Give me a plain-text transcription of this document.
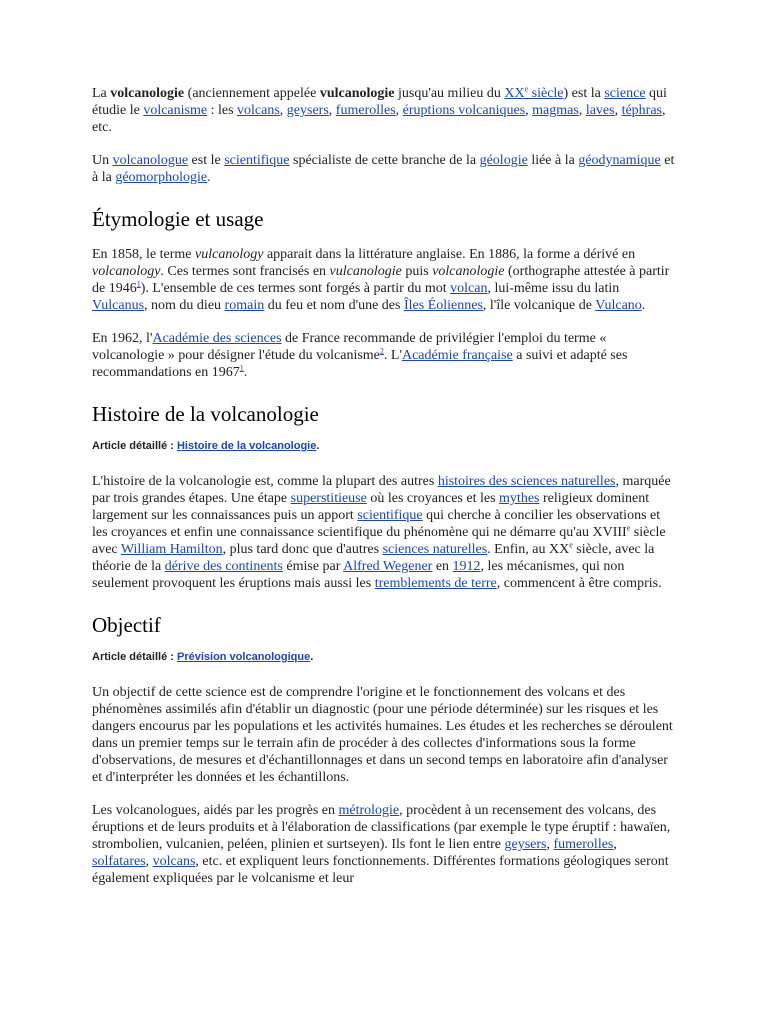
La volcanologie (anciennement appelée vulcanologie jusqu'au milieu du XXe siècle) est la science qui étudie le volcanisme : les volcans, geysers, fumerolles, éruptions volcaniques, magmas, laves, téphras, etc.

Un volcanologue est le scientifique spécialiste de cette branche de la géologie liée à la géodynamique et à la géomorphologie.

Étymologie et usage

En 1858, le terme vulcanology apparait dans la littérature anglaise. En 1886, la forme a dérivé en volcanology. Ces termes sont francisés en vulcanologie puis volcanologie (orthographe attestée à partir de 1946$^1$). L'ensemble de ces termes sont forgés à partir du mot volcan, lui-même issu du latin Vulcanus, nom du dieu romain du feu et nom d'une des Îles Éoliennes, l'île volcanique de Vulcano.

En 1962, l'Académie des sciences de France recommande de privilégier l'emploi du terme « volcanologie » pour désigner l'étude du volcanisme$^2$. L'Académie française a suivi et adapté ses recommandations en 1967$^1$.

Histoire de la volcanologie

Article détaillé : Histoire de la volcanologie.

L'histoire de la volcanologie est, comme la plupart des autres histoires des sciences naturelles, marquée par trois grandes étapes. Une étape superstitieuse où les croyances et les mythes religieux dominent largement sur les connaissances puis un apport scientifique qui cherche à concilier les observations et les croyances et enfin une connaissance scientifique du phénomène qui ne démarre qu'au XVIIIe siècle avec William Hamilton, plus tard donc que d'autres sciences naturelles. Enfin, au XXe siècle, avec la théorie de la dérive des continents émise par Alfred Wegener en 1912, les mécanismes, qui non seulement provoquent les éruptions mais aussi les tremblements de terre, commencent à être compris.

Objectif

Article détaillé : Prévision volcanologique.

Un objectif de cette science est de comprendre l'origine et le fonctionnement des volcans et des phénomènes assimilés afin d'établir un diagnostic (pour une période déterminée) sur les risques et les dangers encourus par les populations et les activités humaines. Les études et les recherches se déroulent dans un premier temps sur le terrain afin de procéder à des collectes d'informations sous la forme d'observations, de mesures et d'échantillonnages et dans un second temps en laboratoire afin d'analyser et d'interpréter les données et les échantillons.

Les volcanologues, aidés par les progrès en métrologie, procèdent à un recensement des volcans, des éruptions et de leurs produits et à l'élaboration de classifications (par exemple le type éruptif : hawaïen, strombolien, vulcanien, peléen, plinien et surtseyen). Ils font le lien entre geysers, fumerolles, solfatares, volcans, etc. et expliquent leurs fonctionnements. Différentes formations géologiques seront également expliquées par le volcanisme et leur
